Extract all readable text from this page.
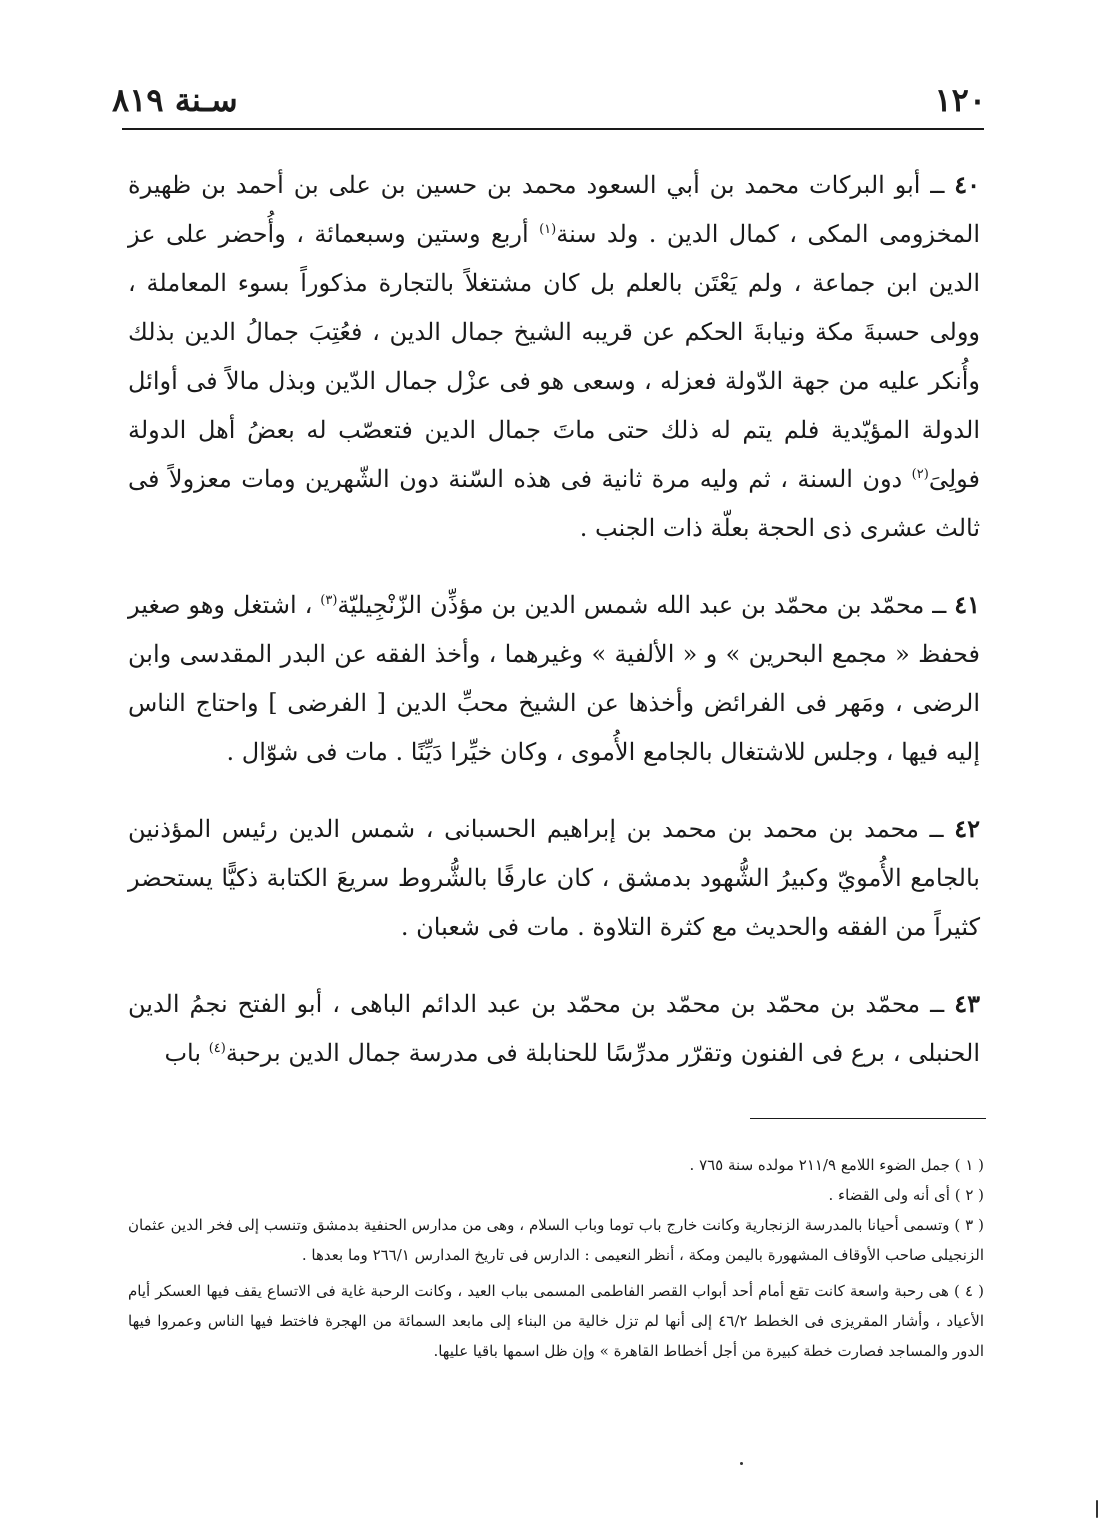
سـنة ٨١٩	١٢٠

٤٠ ــ أبو البركات محمد بن أبي السعود محمد بن حسين بن على بن أحمد بن ظهيرة المخزومى المكى ، كمال الدين . ولد سنة$^{(١)}$ أربع وستين وسبعمائة ، وأُحضر على عز الدين ابن جماعة ، ولم يَعْتَن بالعلم بل كان مشتغلاً بالتجارة مذكوراً بسوء المعاملة ، وولى حسبةَ مكة ونيابةَ الحكم عن قريبه الشيخ جمال الدين ، فعُتِبَ جمالُ الدين بذلك وأُنكر عليه من جهة الدّولة فعزله ، وسعى هو فى عزْل جمال الدّين وبذل مالاً فى أوائل الدولة المؤيّدية فلم يتم له ذلك حتى ماتَ جمال الدين فتعصّب له بعضُ أهل الدولة فولِىَ$^{(٢)}$ دون السنة ، ثم وليه مرة ثانية فى هذه السّنة دون الشّهرين ومات معزولاً فى ثالث عشرى ذى الحجة بعلّة ذات الجنب .

٤١ ــ محمّد بن محمّد بن عبد الله شمس الدين بن مؤذِّن الزّنْجِيليّة$^{(٣)}$ ، اشتغل وهو صغير فحفظ « مجمع البحرين » و « الألفية » وغيرهما ، وأخذ الفقه عن البدر المقدسى وابن الرضى ، ومَهر فى الفرائض وأخذها عن الشيخ محبِّ الدين [ الفرضى ] واحتاج الناس إليه فيها ، وجلس للاشتغال بالجامع الأُموى ، وكان خيِّرا دَيِّنًا . مات فى شوّال .

٤٢ ــ محمد بن محمد بن محمد بن إبراهيم الحسبانى ، شمس الدين رئيس المؤذنين بالجامع الأُمويّ وكبيرُ الشُّهود بدمشق ، كان عارفًا بالشُّروط سريعَ الكتابة ذكيًّا يستحضر كثيراً من الفقه والحديث مع كثرة التلاوة . مات فى شعبان .

٤٣ ــ محمّد بن محمّد بن محمّد بن محمّد بن عبد الدائم الباهى ، أبو الفتح نجمُ الدين الحنبلى ، برع فى الفنون وتقرّر مدرِّسًا للحنابلة فى مدرسة جمال الدين برحبة$^{(٤)}$ باب

( ١ ) جمل الضوء اللامع ٢١١/٩ مولده سنة ٧٦٥ .

( ٢ ) أى أنه ولى القضاء .

( ٣ ) وتسمى أحيانا بالمدرسة الزنجارية وكانت خارج باب توما وباب السلام ، وهى من مدارس الحنفية بدمشق وتنسب إلى فخر الدين عثمان الزنجيلى صاحب الأوقاف المشهورة باليمن ومكة ، أنظر النعيمى : الدارس فى تاريخ المدارس ٢٦٦/١ وما بعدها .

( ٤ ) هى رحبة واسعة كانت تقع أمام أحد أبواب القصر الفاطمى المسمى بباب العيد ، وكانت الرحبة غاية فى الاتساع يقف فيها العسكر أيام الأعياد ، وأشار المقريزى فى الخطط ٤٦/٢ إلى أنها لم تزل خالية من البناء إلى مابعد السمائة من الهجرة فاختط فيها الناس وعمروا فيها الدور والمساجد فصارت خطة كبيرة من أجل أخطاط القاهرة » وإن ظل اسمها باقيا عليها.
